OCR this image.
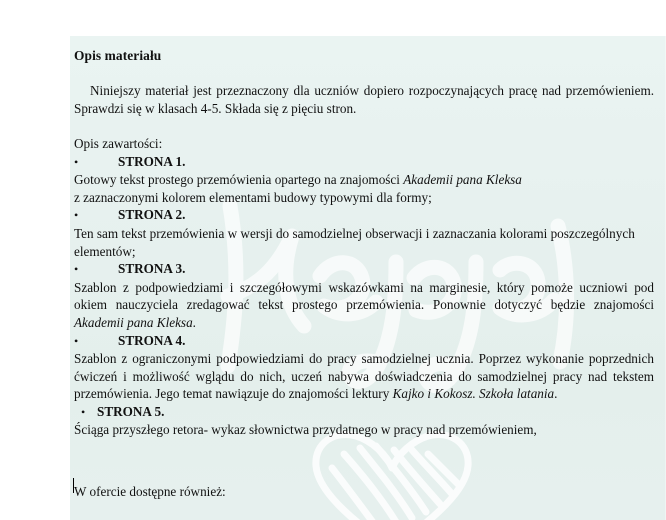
Opis materiału
Niniejszy materiał jest przeznaczony dla uczniów dopiero rozpoczynających pracę nad przemówieniem. Sprawdzi się w klasach 4-5. Składa się z pięciu stron.
Opis zawartości:
•	STRONA 1.
Gotowy tekst prostego przemówienia opartego na znajomości Akademii pana Kleksa
z zaznaczonymi kolorem elementami budowy typowymi dla formy;
•	STRONA 2.
Ten sam tekst przemówienia w wersji do samodzielnej obserwacji i zaznaczania kolorami poszczególnych elementów;
•	STRONA 3.
Szablon z podpowiedziami i szczegółowymi wskazówkami na marginesie, który pomoże uczniowi pod okiem nauczyciela zredagować tekst prostego przemówienia. Ponownie dotyczyć będzie znajomości Akademii pana Kleksa.
•	STRONA 4.
Szablon z ograniczonymi podpowiedziami do pracy samodzielnej ucznia. Poprzez wykonanie poprzednich ćwiczeń i możliwość wglądu do nich, uczeń nabywa doświadczenia do samodzielnej pracy nad tekstem przemówienia. Jego temat nawiązuje do znajomości lektury Kajko i Kokosz. Szkoła latania.
• STRONA 5.
Ściąga przyszłego retora- wykaz słownictwa przydatnego w pracy nad przemówieniem,
W ofercie dostępne również:
